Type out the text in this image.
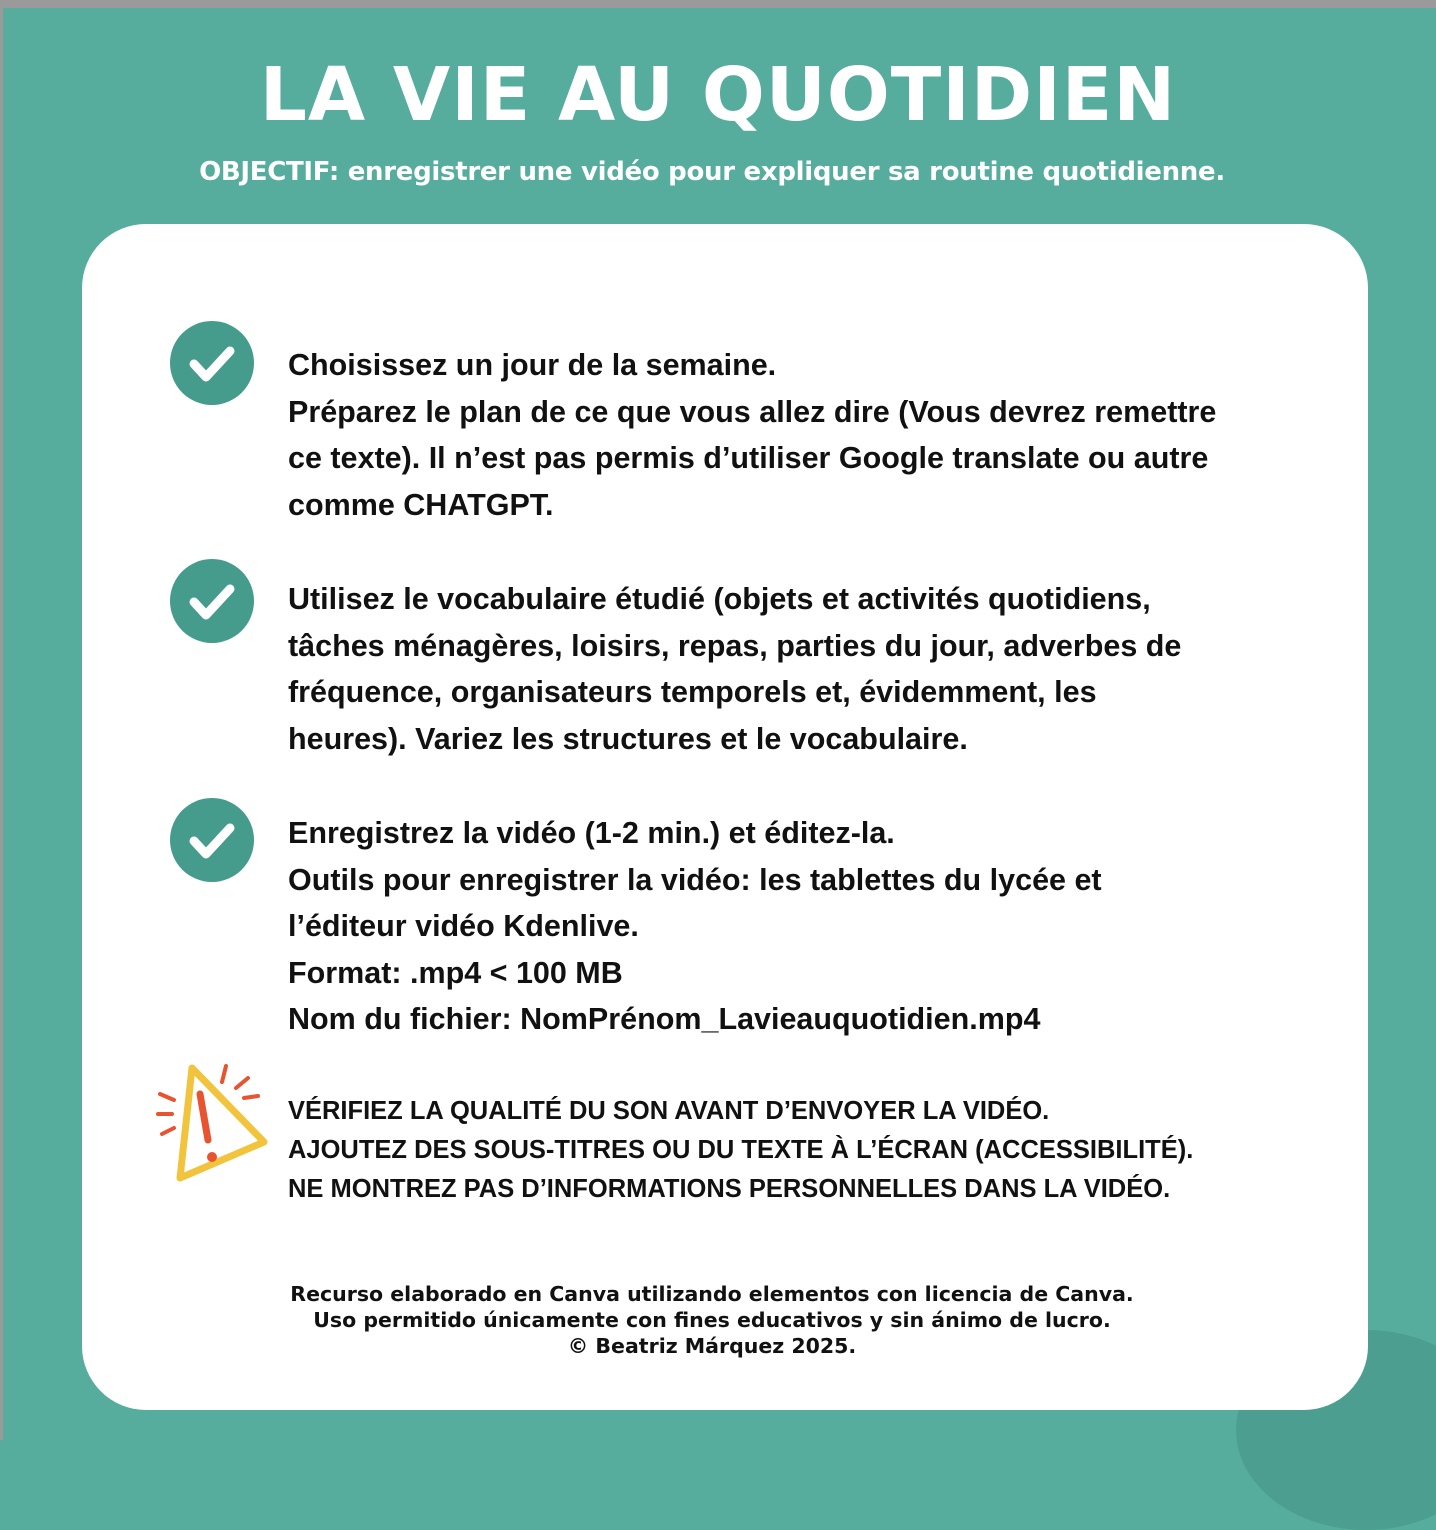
LA VIE AU QUOTIDIEN
OBJECTIF: enregistrer une vidéo pour expliquer sa routine quotidienne.
Choisissez un jour de la semaine.
Préparez le plan de ce que vous allez dire (Vous devrez remettre
ce texte). Il n’est pas permis d’utiliser Google translate ou autre
comme CHATGPT.
Utilisez le vocabulaire étudié (objets et activités quotidiens,
tâches ménagères, loisirs, repas, parties du jour, adverbes de
fréquence, organisateurs temporels et, évidemment, les
heures). Variez les structures et le vocabulaire.
Enregistrez la vidéo (1-2 min.) et éditez-la.
Outils pour enregistrer la vidéo: les tablettes du lycée et
l’éditeur vidéo Kdenlive.
Format: .mp4 < 100 MB
Nom du fichier: NomPrénom_Lavieauquotidien.mp4
VÉRIFIEZ LA QUALITÉ DU SON AVANT D’ENVOYER LA VIDÉO.
AJOUTEZ DES SOUS-TITRES OU DU TEXTE À L’ÉCRAN (ACCESSIBILITÉ).
NE MONTREZ PAS D’INFORMATIONS PERSONNELLES DANS LA VIDÉO.
Recurso elaborado en Canva utilizando elementos con licencia de Canva.
Uso permitido únicamente con fines educativos y sin ánimo de lucro.
© Beatriz Márquez 2025.
